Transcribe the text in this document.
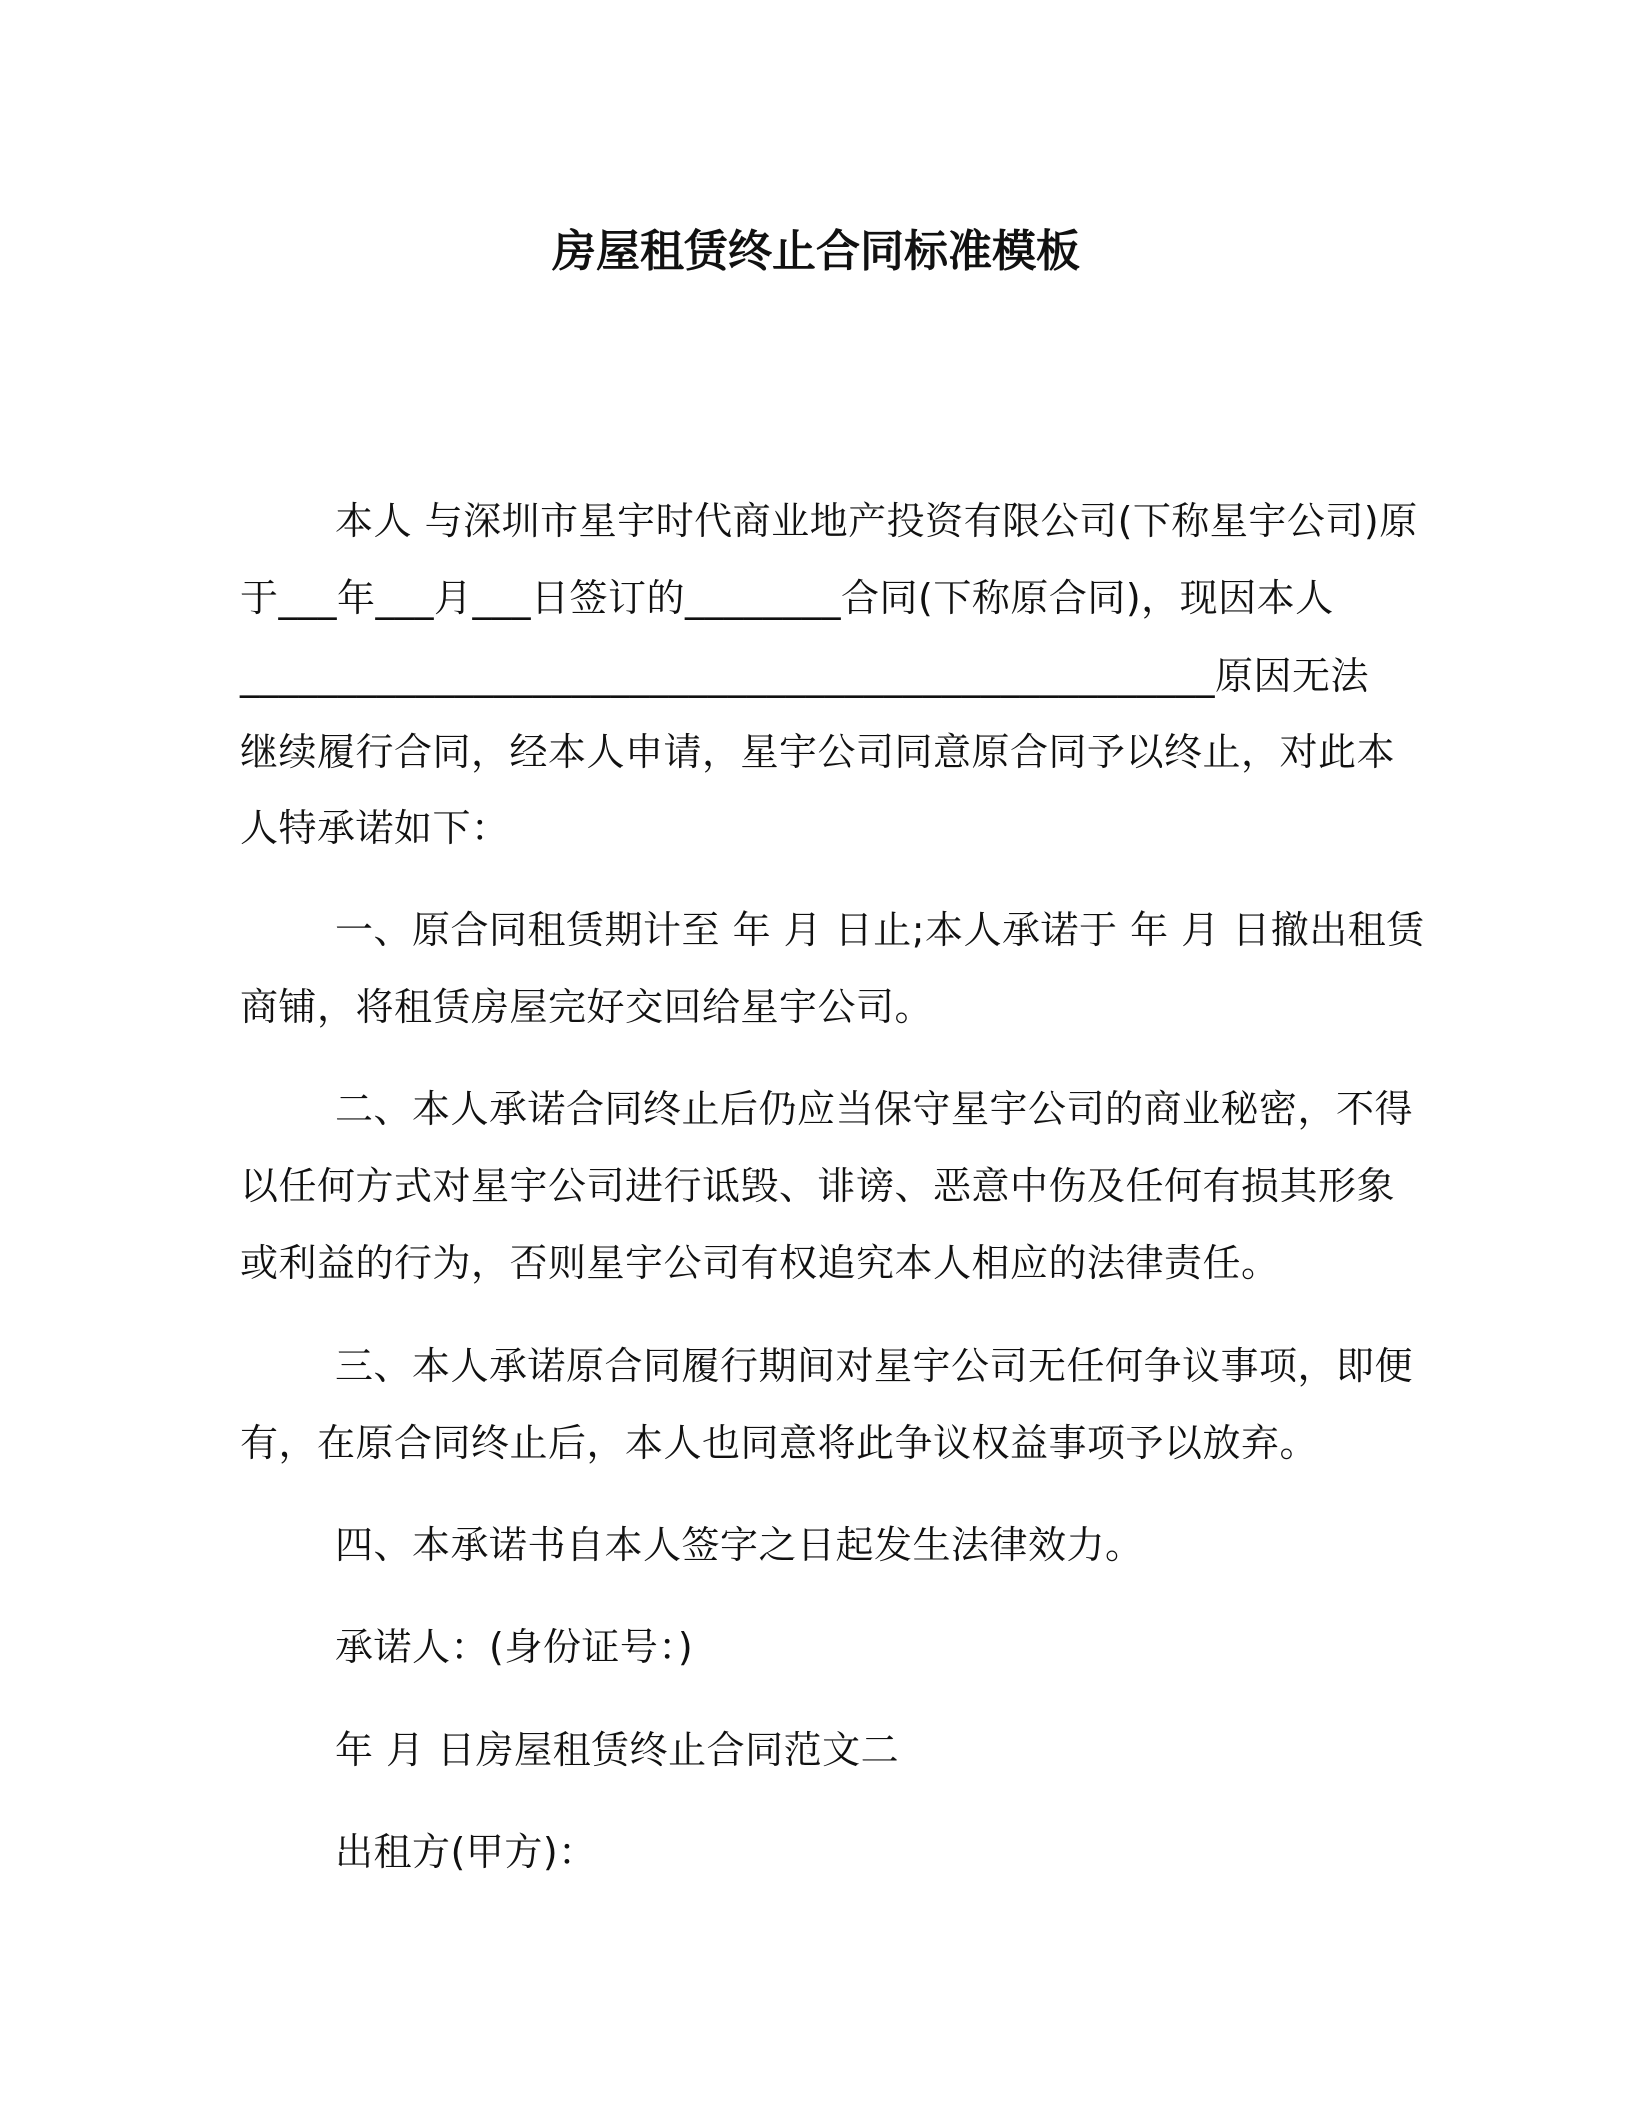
房屋租赁终止合同标准模板
本人 与深圳市星宇时代商业地产投资有限公司(下称星宇公司)原
于___年___月___日签订的________合同(下称原合同)，现因本人
__________________________________________________原因无法
继续履行合同，经本人申请，星宇公司同意原合同予以终止，对此本
人特承诺如下：
一、原合同租赁期计至 年 月 日止;本人承诺于 年 月 日撤出租赁
商铺，将租赁房屋完好交回给星宇公司。
二、本人承诺合同终止后仍应当保守星宇公司的商业秘密，不得
以任何方式对星宇公司进行诋毁、诽谤、恶意中伤及任何有损其形象
或利益的行为，否则星宇公司有权追究本人相应的法律责任。
三、本人承诺原合同履行期间对星宇公司无任何争议事项，即便
有，在原合同终止后，本人也同意将此争议权益事项予以放弃。
四、本承诺书自本人签字之日起发生法律效力。
承诺人：(身份证号：)
年 月 日房屋租赁终止合同范文二
出租方(甲方)：
